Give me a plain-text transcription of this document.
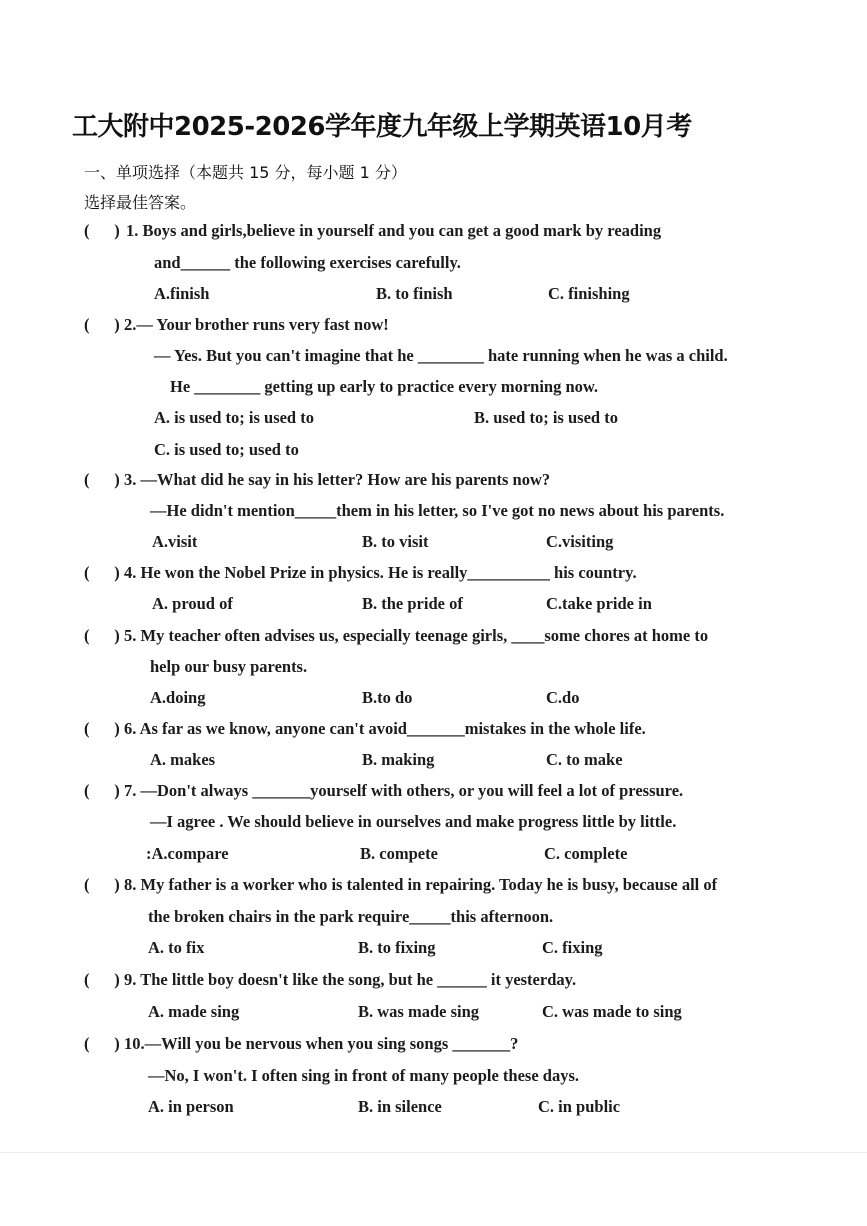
工大附中2025-2026学年度九年级上学期英语10月考
一、单项选择（本题共 15 分，每小题 1 分）
选择最佳答案。
(      ) 1. Boys and girls,believe in yourself and you can get a good mark by reading
and______ the following exercises carefully.
A.finish	B. to finish	C. finishing
(      ) 2.— Your brother runs very fast now!
— Yes. But you can't imagine that he ________ hate running when he was a child.
He ________ getting up early to practice every morning now.
A. is used to; is used to	B. used to; is used to
C. is used to; used to
(      ) 3. —What did he say in his letter? How are his parents now?
—He didn't mention_____them in his letter, so I've got no news about his parents.
A.visit	B. to visit	C.visiting
(      ) 4. He won the Nobel Prize in physics. He is really__________ his country.
A. proud of	B. the pride of	C.take pride in
(      ) 5. My teacher often advises us, especially teenage girls, ____some chores at home to
help our busy parents.
A.doing	B.to do	C.do
(      ) 6. As far as we know, anyone can't avoid_______mistakes in the whole life.
A. makes	B. making	C. to make
(      ) 7. —Don't always _______yourself with others, or you will feel a lot of pressure.
—I agree . We should believe in ourselves and make progress little by little.
:A.compare	B. compete	C. complete
(      ) 8. My father is a worker who is talented in repairing. Today he is busy, because all of
the broken chairs in the park require_____this afternoon.
A. to fix	B. to fixing	C. fixing
(      ) 9. The little boy doesn't like the song, but he ______ it yesterday.
A. made sing	B. was made sing	C. was made to sing
(      ) 10.—Will you be nervous when you sing songs _______?
—No, I won't. I often sing in front of many people these days.
A. in person	B. in silence	C. in public
